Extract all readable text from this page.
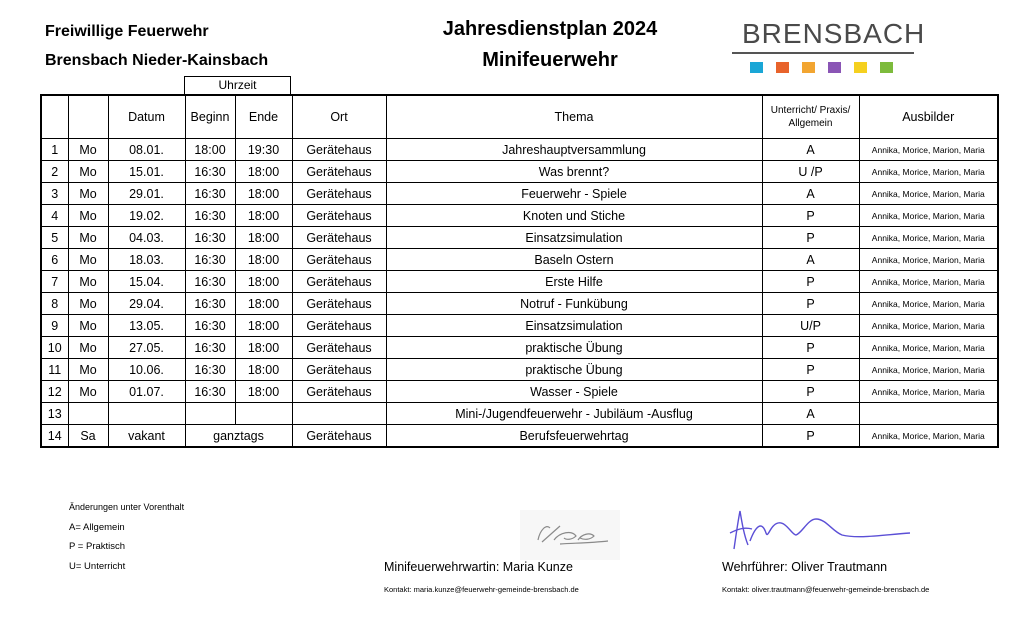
Freiwillige Feuerwehr
Brensbach Nieder-Kainsbach
Jahresdienstplan 2024
Minifeuerwehr
BRENSBACH
Uhrzeit
		Datum	Beginn	Ende	Ort	Thema	Unterricht/ Praxis/ Allgemein	Ausbilder
1	Mo	08.01.	18:00	19:30	Gerätehaus	Jahreshauptversammlung	A	Annika, Morice, Marion, Maria
2	Mo	15.01.	16:30	18:00	Gerätehaus	Was brennt?	U /P	Annika, Morice, Marion, Maria
3	Mo	29.01.	16:30	18:00	Gerätehaus	Feuerwehr - Spiele	A	Annika, Morice, Marion, Maria
4	Mo	19.02.	16:30	18:00	Gerätehaus	Knoten und Stiche	P	Annika, Morice, Marion, Maria
5	Mo	04.03.	16:30	18:00	Gerätehaus	Einsatzsimulation	P	Annika, Morice, Marion, Maria
6	Mo	18.03.	16:30	18:00	Gerätehaus	Baseln Ostern	A	Annika, Morice, Marion, Maria
7	Mo	15.04.	16:30	18:00	Gerätehaus	Erste Hilfe	P	Annika, Morice, Marion, Maria
8	Mo	29.04.	16:30	18:00	Gerätehaus	Notruf - Funkübung	P	Annika, Morice, Marion, Maria
9	Mo	13.05.	16:30	18:00	Gerätehaus	Einsatzsimulation	U/P	Annika, Morice, Marion, Maria
10	Mo	27.05.	16:30	18:00	Gerätehaus	praktische Übung	P	Annika, Morice, Marion, Maria
11	Mo	10.06.	16:30	18:00	Gerätehaus	praktische Übung	P	Annika, Morice, Marion, Maria
12	Mo	01.07.	16:30	18:00	Gerätehaus	Wasser - Spiele	P	Annika, Morice, Marion, Maria
13						Mini-/Jugendfeuerwehr - Jubiläum -Ausflug	A	
14	Sa	vakant	ganztags		Gerätehaus	Berufsfeuerwehrtag	P	Annika, Morice, Marion, Maria
Änderungen unter Vorenthalt
A= Allgemein
P = Praktisch
U= Unterricht	Minifeuerwehrwartin: Maria Kunze
Kontakt: maria.kunze@feuerwehr-gemeinde-brensbach.de
Wehrführer: Oliver Trautmann
Kontakt: oliver.trautmann@feuerwehr-gemeinde-brensbach.de
